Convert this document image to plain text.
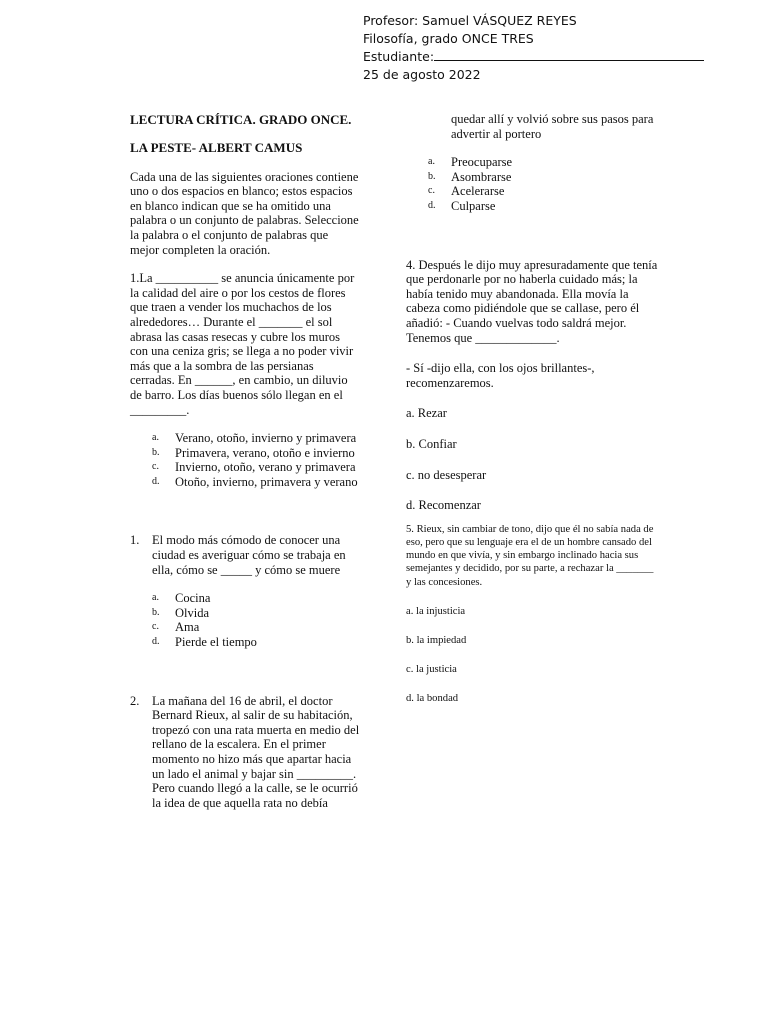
Profesor: Samuel VÁSQUEZ REYES
Filosofía, grado ONCE TRES
Estudiante:
25 de agosto 2022
LECTURA CRÍTICA. GRADO ONCE.
LA PESTE- ALBERT CAMUS

Cada una de las siguientes oraciones contiene uno o dos espacios en blanco; estos espacios en blanco indican que se ha omitido una palabra o un conjunto de palabras. Seleccione la palabra o el conjunto de palabras que mejor completen la oración.

1.La __________ se anuncia únicamente por la calidad del aire o por los cestos de flores que traen a vender los muchachos de los alrededores… Durante el _______ el sol abrasa las casas resecas y cubre los muros con una ceniza gris; se llega a no poder vivir más que a la sombra de las persianas cerradas. En ______, en cambio, un diluvio de barro. Los días buenos sólo llegan en el _________.

a. Verano, otoño, invierno y primavera
b. Primavera, verano, otoño e invierno
c. Invierno, otoño, verano y primavera
d. Otoño, invierno, primavera y verano
1. El modo más cómodo de conocer una ciudad es averiguar cómo se trabaja en ella, cómo se _____ y cómo se muere

a. Cocina
b. Olvida
c. Ama
d. Pierde el tiempo
2. La mañana del 16 de abril, el doctor Bernard Rieux, al salir de su habitación, tropezó con una rata muerta en medio del rellano de la escalera. En el primer momento no hizo más que apartar hacia un lado el animal y bajar sin _________. Pero cuando llegó a la calle, se le ocurrió la idea de que aquella rata no debía

quedar allí y volvió sobre sus pasos para advertir al portero

a. Preocuparse
b. Asombrarse
c. Acelerarse
d. Culparse

4. Después le dijo muy apresuradamente que tenía que perdonarle por no haberla cuidado más; la había tenido muy abandonada. Ella movía la cabeza como pidiéndole que se callase, pero él añadió: - Cuando vuelvas todo saldrá mejor. Tenemos que _____________.

- Sí -dijo ella, con los ojos brillantes-, recomenzaremos.

a. Rezar

b. Confiar

c. no desesperar

d. Recomenzar

5. Rieux, sin cambiar de tono, dijo que él no sabía nada de eso, pero que su lenguaje era el de un hombre cansado del mundo en que vivía, y sin embargo inclinado hacia sus semejantes y decidido, por su parte, a rechazar la _______ y las concesiones.

a. la injusticia

b. la impiedad

c. la justicia

d. la bondad
